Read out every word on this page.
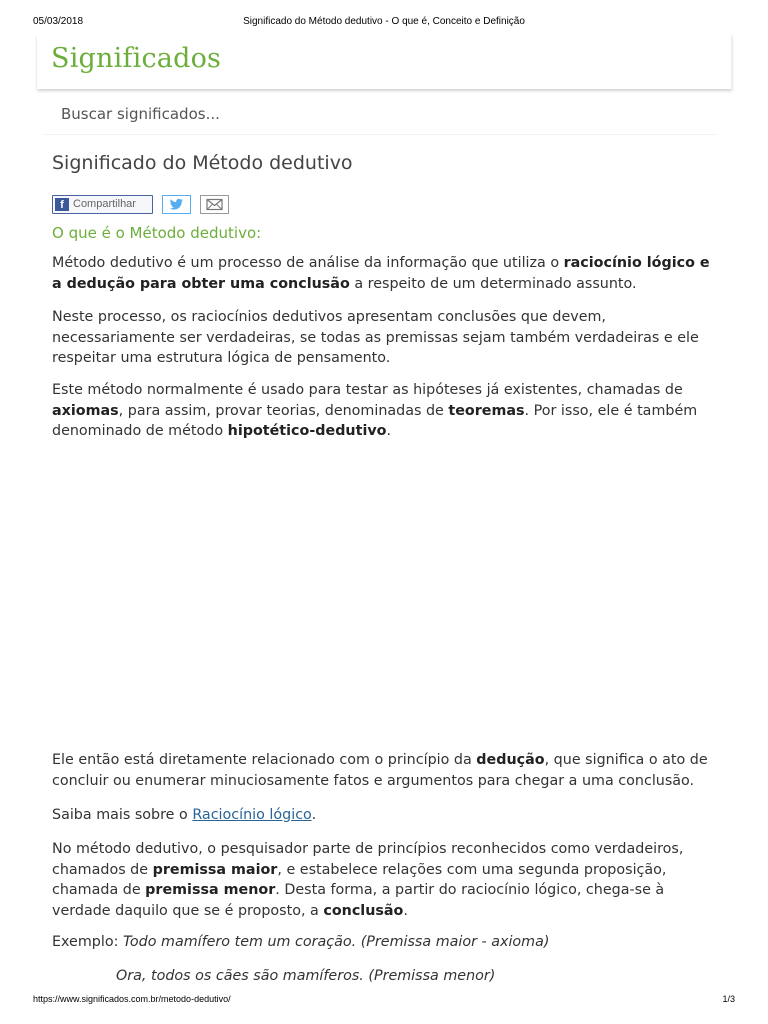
05/03/2018	Significado do Método dedutivo - O que é, Conceito e Definição
Significados
Buscar significados...
Significado do Método dedutivo
f Compartilhar
O que é o Método dedutivo:

Método dedutivo é um processo de análise da informação que utiliza o raciocínio lógico e a dedução para obter uma conclusão a respeito de um determinado assunto.

Neste processo, os raciocínios dedutivos apresentam conclusões que devem, necessariamente ser verdadeiras, se todas as premissas sejam também verdadeiras e ele respeitar uma estrutura lógica de pensamento.

Este método normalmente é usado para testar as hipóteses já existentes, chamadas de axiomas, para assim, provar teorias, denominadas de teoremas. Por isso, ele é também denominado de método hipotético-dedutivo.

Ele então está diretamente relacionado com o princípio da dedução, que significa o ato de concluir ou enumerar minuciosamente fatos e argumentos para chegar a uma conclusão.

Saiba mais sobre o Raciocínio lógico.

No método dedutivo, o pesquisador parte de princípios reconhecidos como verdadeiros, chamados de premissa maior, e estabelece relações com uma segunda proposição, chamada de premissa menor. Desta forma, a partir do raciocínio lógico, chega-se à verdade daquilo que se é proposto, a conclusão.

Exemplo: Todo mamífero tem um coração. (Premissa maior - axioma)

Ora, todos os cães são mamíferos. (Premissa menor)

https://www.significados.com.br/metodo-dedutivo/	1/3
